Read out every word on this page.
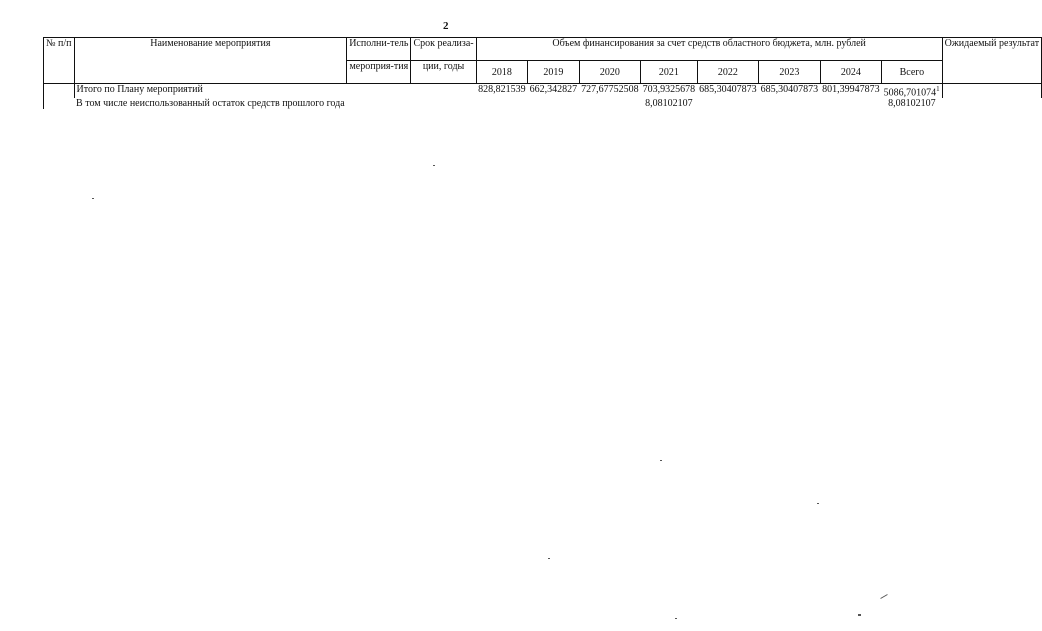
2
№ п/п	Наименование мероприятия	Исполни-тель	Срок реализа-	Объем финансирования за счет средств областного бюджета, млн. рублей								Ожидаемый результат
				2018	2019	2020	2021	2022	2023	2024	Всего	
		мероприя-тия	ции, годы									
	Итого по Плану мероприятий			828,821539	662,342827	727,67752508	703,9325678	685,30407873	685,30407873	801,39947873	5086,701074$^1$	
	В том числе неиспользованный остаток средств прошлого года						8,08102107				8,08102107	
